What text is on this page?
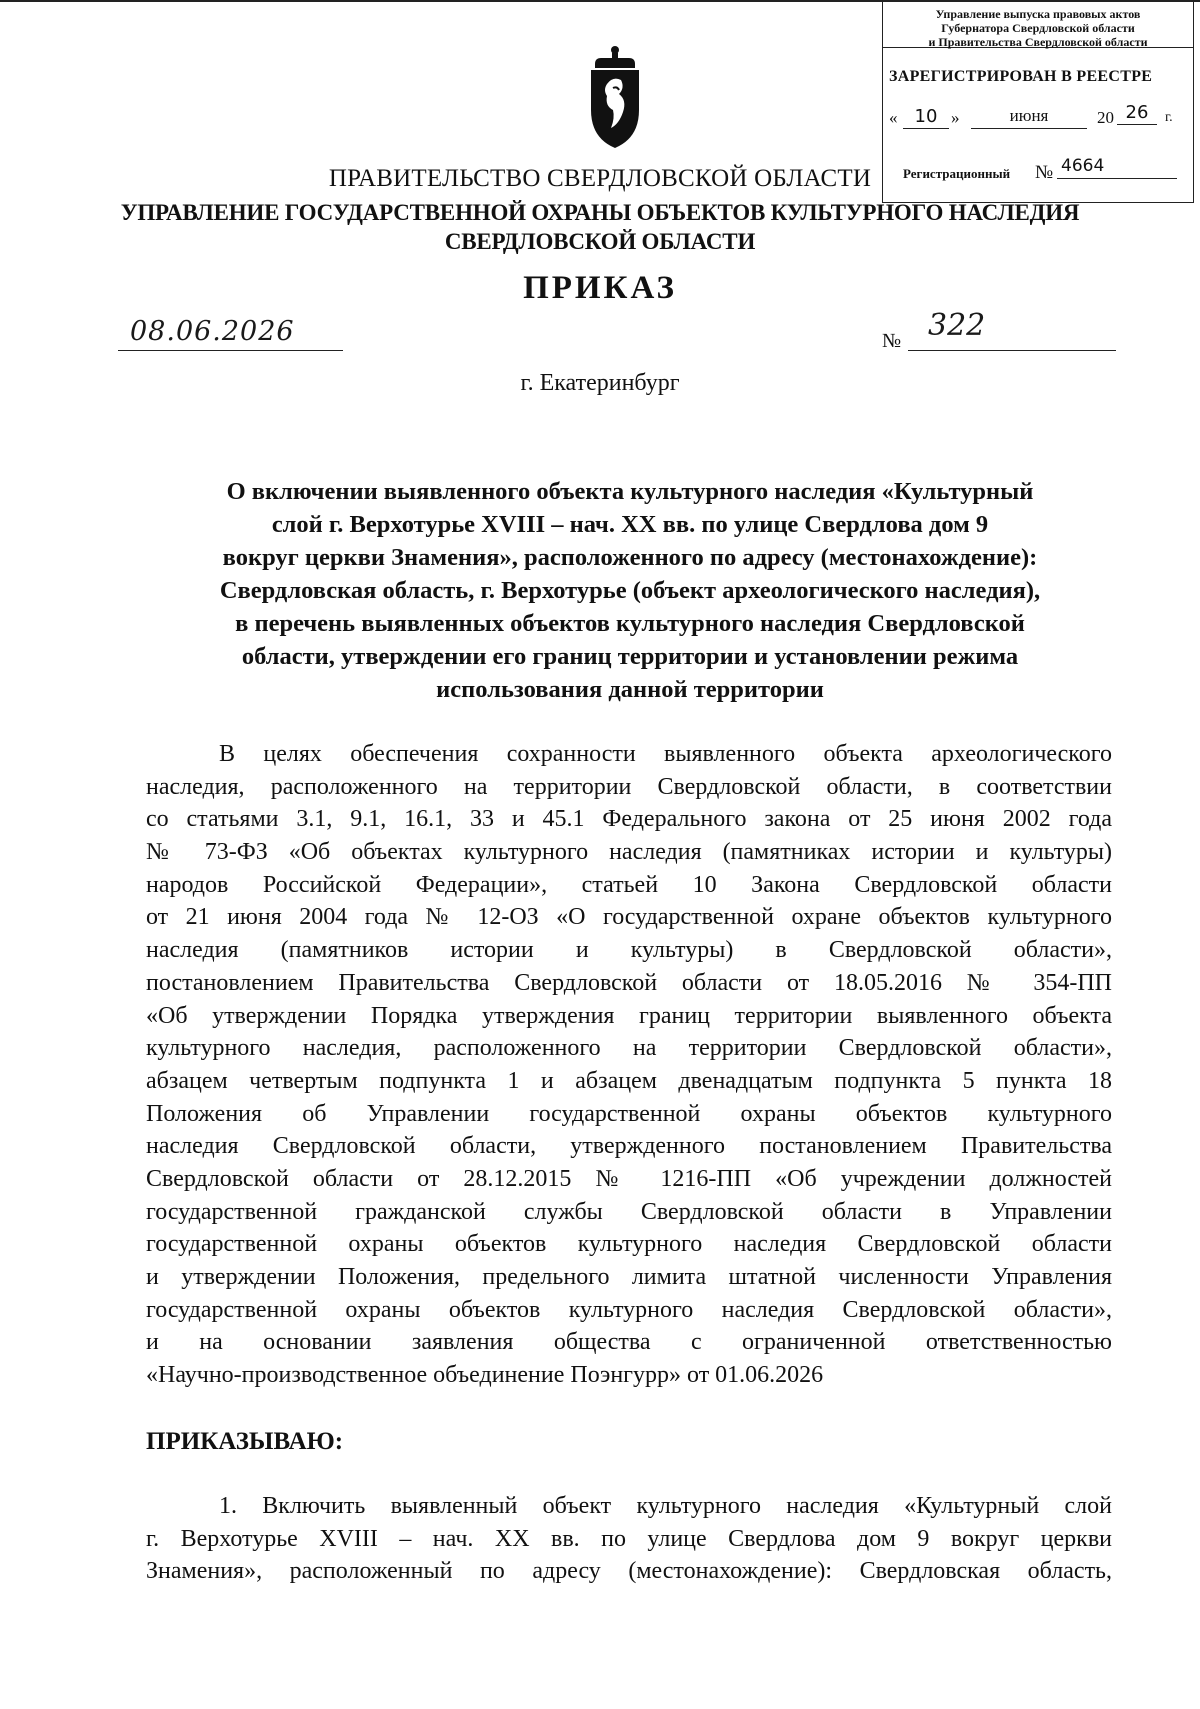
Управление выпуска правовых актов
Губернатора Свердловской области
и Правительства Свердловской области
ЗАРЕГИСТРИРОВАН В РЕЕСТРЕ
« 10 »	июня	20 26	г.
Регистрационный № 4664
ПРАВИТЕЛЬСТВО СВЕРДЛОВСКОЙ ОБЛАСТИ
УПРАВЛЕНИЕ ГОСУДАРСТВЕННОЙ ОХРАНЫ ОБЪЕКТОВ КУЛЬТУРНОГО НАСЛЕДИЯ
СВЕРДЛОВСКОЙ ОБЛАСТИ
ПРИКАЗ
08.06.2026	№ 322
г. Екатеринбург
О включении выявленного объекта культурного наследия «Культурный
слой г. Верхотурье XVIII – нач. XX вв. по улице Свердлова дом 9
вокруг церкви Знамения», расположенного по адресу (местонахождение):
Свердловская область, г. Верхотурье (объект археологического наследия),
в перечень выявленных объектов культурного наследия Свердловской
области, утверждении его границ территории и установлении режима
использования данной территории
В целях обеспечения сохранности выявленного объекта археологического
наследия, расположенного на территории Свердловской области, в соответствии
со статьями 3.1, 9.1, 16.1, 33 и 45.1 Федерального закона от 25 июня 2002 года
№ 73-ФЗ «Об объектах культурного наследия (памятниках истории и культуры)
народов Российской Федерации», статьей 10 Закона Свердловской области
от 21 июня 2004 года № 12-ОЗ «О государственной охране объектов культурного
наследия (памятников истории и культуры) в Свердловской области»,
постановлением Правительства Свердловской области от 18.05.2016 № 354-ПП
«Об утверждении Порядка утверждения границ территории выявленного объекта
культурного наследия, расположенного на территории Свердловской области»,
абзацем четвертым подпункта 1 и абзацем двенадцатым подпункта 5 пункта 18
Положения об Управлении государственной охраны объектов культурного
наследия Свердловской области, утвержденного постановлением Правительства
Свердловской области от 28.12.2015 № 1216-ПП «Об учреждении должностей
государственной гражданской службы Свердловской области в Управлении
государственной охраны объектов культурного наследия Свердловской области
и утверждении Положения, предельного лимита штатной численности Управления
государственной охраны объектов культурного наследия Свердловской области»,
и на основании заявления общества с ограниченной ответственностью
«Научно-производственное объединение Поэнгурр» от 01.06.2026
ПРИКАЗЫВАЮ:
1. Включить выявленный объект культурного наследия «Культурный слой
г. Верхотурье XVIII – нач. XX вв. по улице Свердлова дом 9 вокруг церкви
Знамения», расположенный по адресу (местонахождение): Свердловская область,
